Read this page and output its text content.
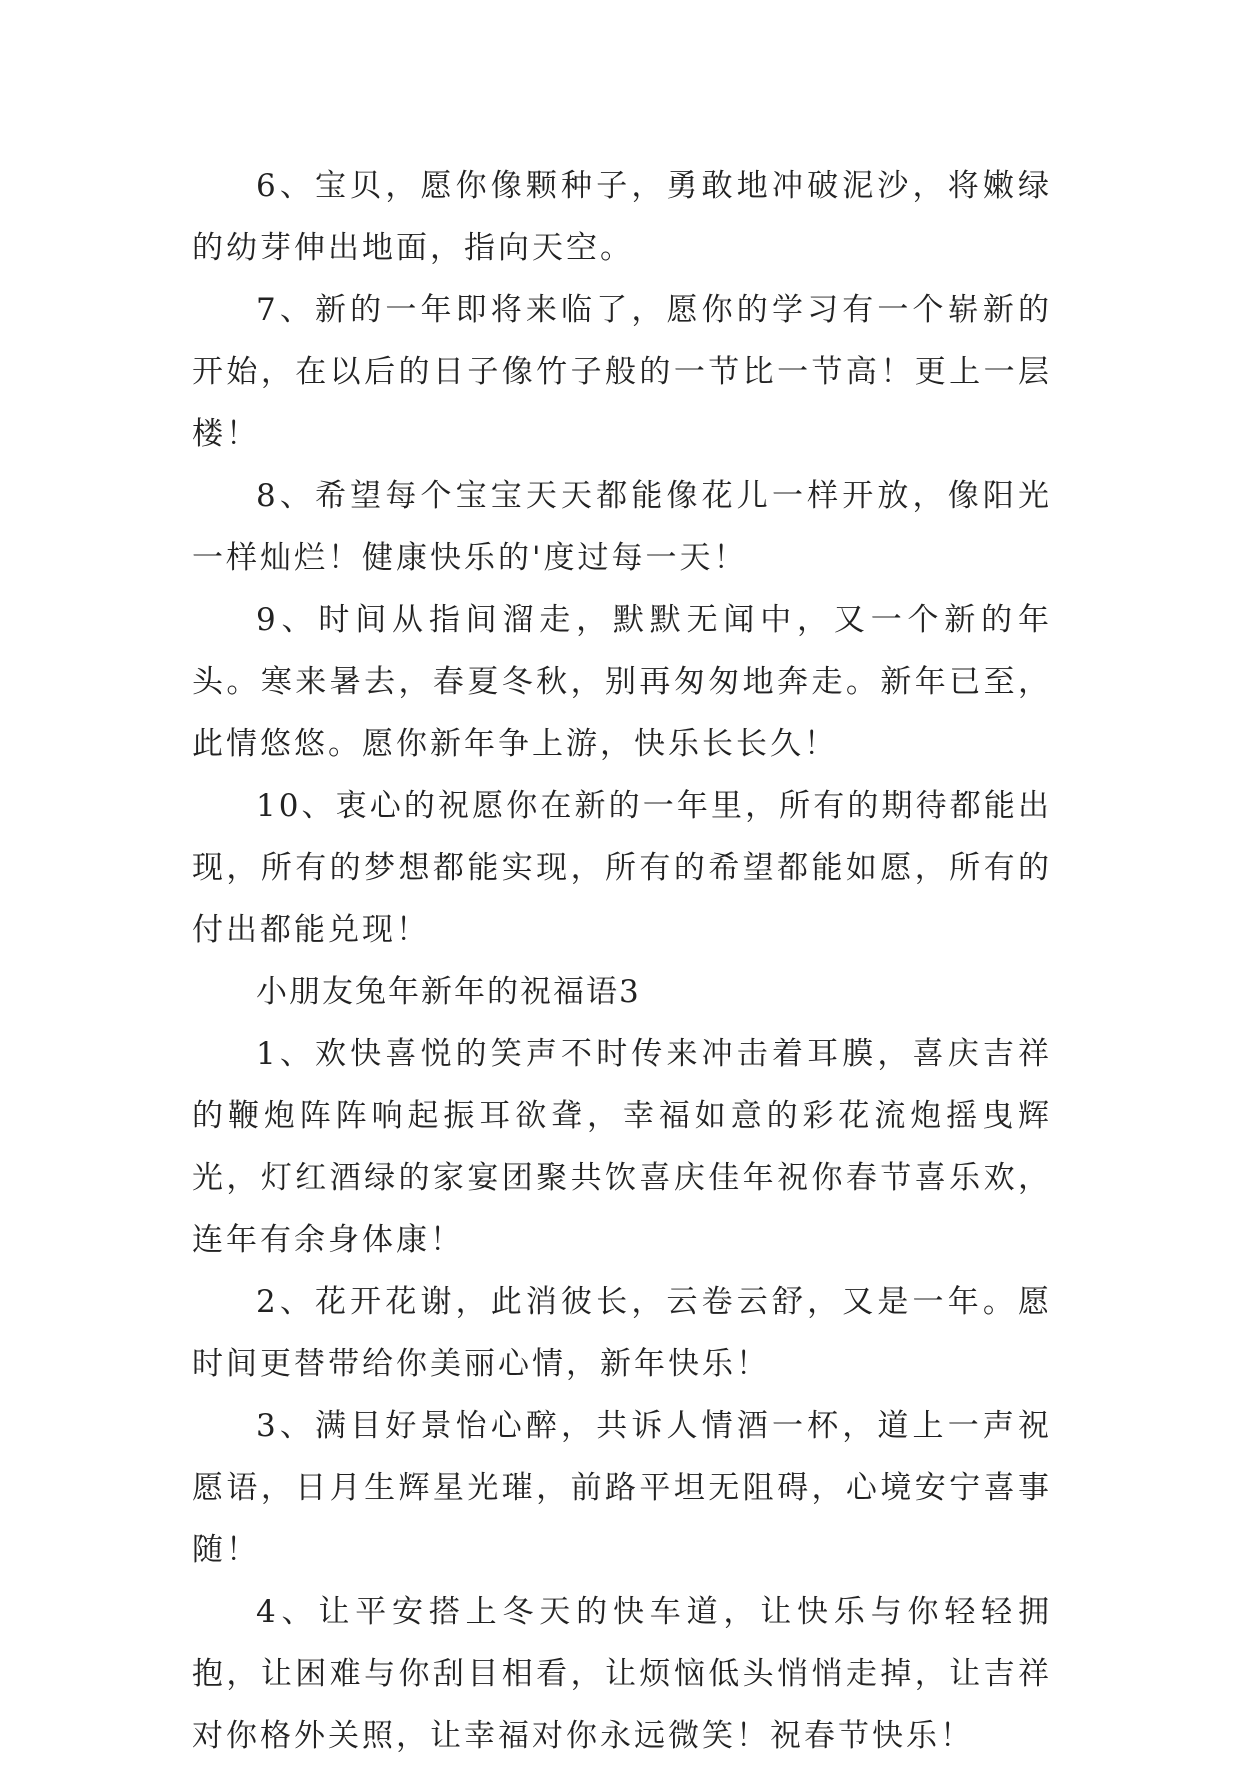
6、宝贝，愿你像颗种子，勇敢地冲破泥沙，将嫩绿的幼芽伸出地面，指向天空。

7、新的一年即将来临了，愿你的学习有一个崭新的开始，在以后的日子像竹子般的一节比一节高！更上一层楼！

8、希望每个宝宝天天都能像花儿一样开放，像阳光一样灿烂！健康快乐的'度过每一天！

9、时间从指间溜走，默默无闻中，又一个新的年头。寒来暑去，春夏冬秋，别再匆匆地奔走。新年已至，此情悠悠。愿你新年争上游，快乐长长久！

10、衷心的祝愿你在新的一年里，所有的期待都能出现，所有的梦想都能实现，所有的希望都能如愿，所有的付出都能兑现！

小朋友兔年新年的祝福语3

1、欢快喜悦的笑声不时传来冲击着耳膜，喜庆吉祥的鞭炮阵阵响起振耳欲聋，幸福如意的彩花流炮摇曳辉光，灯红酒绿的家宴团聚共饮喜庆佳年祝你春节喜乐欢，连年有余身体康！

2、花开花谢，此消彼长，云卷云舒，又是一年。愿时间更替带给你美丽心情，新年快乐！

3、满目好景怡心醉，共诉人情酒一杯，道上一声祝愿语，日月生辉星光璀，前路平坦无阻碍，心境安宁喜事随！

4、让平安搭上冬天的快车道，让快乐与你轻轻拥抱，让困难与你刮目相看，让烦恼低头悄悄走掉，让吉祥对你格外关照，让幸福对你永远微笑！祝春节快乐！
